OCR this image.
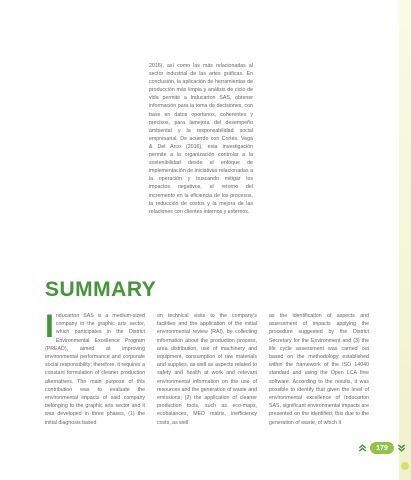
2016), así como las más relacionadas al sector industrial de las artes gráficas. En conclusión, la aplicación de herramientas de producción más limpia y análisis de ciclo de vida permite a Inducarton SAS, obtener información para la toma de decisiones, con base en datos oportunos, coherentes y precisos, para lamejora del desempeño ambiental y la responsabilidad social empresarial. De acuerdo con Cortés, Vega & Del Arco (2016), esta investigación permite a la organización controlar a la sostenibilidad desde el enfoque de implementación de iniciativas relacionadas a la operación y buscando mitigar los impactos negativos, el retorno del incremento en la eficiencia de los procesos, la reducción de costos y la mejora de las relaciones con clientes internos y externos.

SUMMARY

Inducarton SAS is a medium-sized company in the graphic arts sector, which participates in the District Environmental Excellence Program (PREAD), aimed at improving environmental performance and corporate social responsibility; therefore, it requires a constant formulation of cleaner production alternatives. The main purpose of this contribution was to evaluate the environmental impacts of said company belonging to the graphic arts sector and it was developed in three phases, (1) the initial diagnosis based

on technical visits to the company's facilities and the application of the initial environmental review (RAI), by collecting information about the production process, area distribution, use of machinery and equipment, consumption of raw materials and supplies, as well as aspects related to safety and health at work and relevant environmental information on the use of resources and the generation of waste and emissions; (2) the application of cleaner production tools, such as eco-maps, ecobalances, MED matrix, inefficiency costs, as well

as the identification of aspects and assessment of impacts applying the procedure suggested by the District Secretary for the Environment and (3) the life cycle assessment was carried out based on the methodology established within the framework of the ISO 14040 standard and using the Open LCA free software. According to the results, it was possible to identify that given the level of environmental excellence of Inducarton SAS, significant environmental impacts are presented on the identified, this due to the generation of waste, of which it

179
